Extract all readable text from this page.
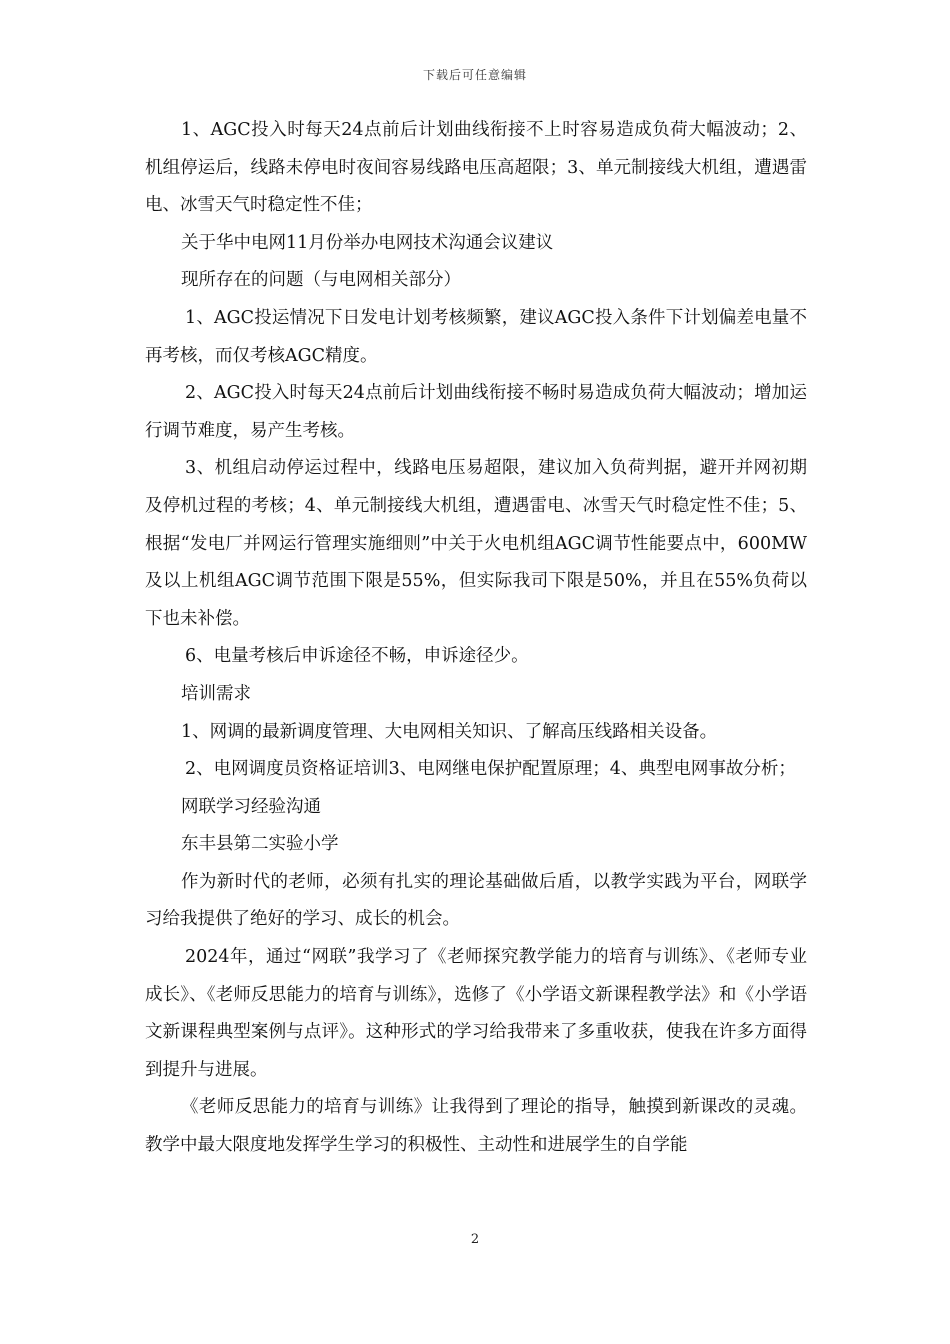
下载后可任意编辑

1、AGC投入时每天24点前后计划曲线衔接不上时容易造成负荷大幅波动；2、机组停运后，线路未停电时夜间容易线路电压高超限；3、单元制接线大机组，遭遇雷电、冰雪天气时稳定性不佳；

关于华中电网11月份举办电网技术沟通会议建议

现所存在的问题（与电网相关部分）

1、AGC投运情况下日发电计划考核频繁，建议AGC投入条件下计划偏差电量不再考核，而仅考核AGC精度。

2、AGC投入时每天24点前后计划曲线衔接不畅时易造成负荷大幅波动；增加运行调节难度，易产生考核。

3、机组启动停运过程中，线路电压易超限，建议加入负荷判据，避开并网初期及停机过程的考核；4、单元制接线大机组，遭遇雷电、冰雪天气时稳定性不佳；5、根据“发电厂并网运行管理实施细则”中关于火电机组AGC调节性能要点中，600MW及以上机组AGC调节范围下限是55%，但实际我司下限是50%，并且在55%负荷以下也未补偿。

6、电量考核后申诉途径不畅，申诉途径少。

培训需求

1、网调的最新调度管理、大电网相关知识、了解高压线路相关设备。

2、电网调度员资格证培训3、电网继电保护配置原理；4、典型电网事故分析；

网联学习经验沟通

东丰县第二实验小学

作为新时代的老师，必须有扎实的理论基础做后盾，以教学实践为平台，网联学习给我提供了绝好的学习、成长的机会。

2024年，通过“网联”我学习了《老师探究教学能力的培育与训练》、《老师专业成长》、《老师反思能力的培育与训练》，选修了《小学语文新课程教学法》和《小学语文新课程典型案例与点评》。这种形式的学习给我带来了多重收获，使我在许多方面得到提升与进展。

《老师反思能力的培育与训练》让我得到了理论的指导，触摸到新课改的灵魂。教学中最大限度地发挥学生学习的积极性、主动性和进展学生的自学能

2
